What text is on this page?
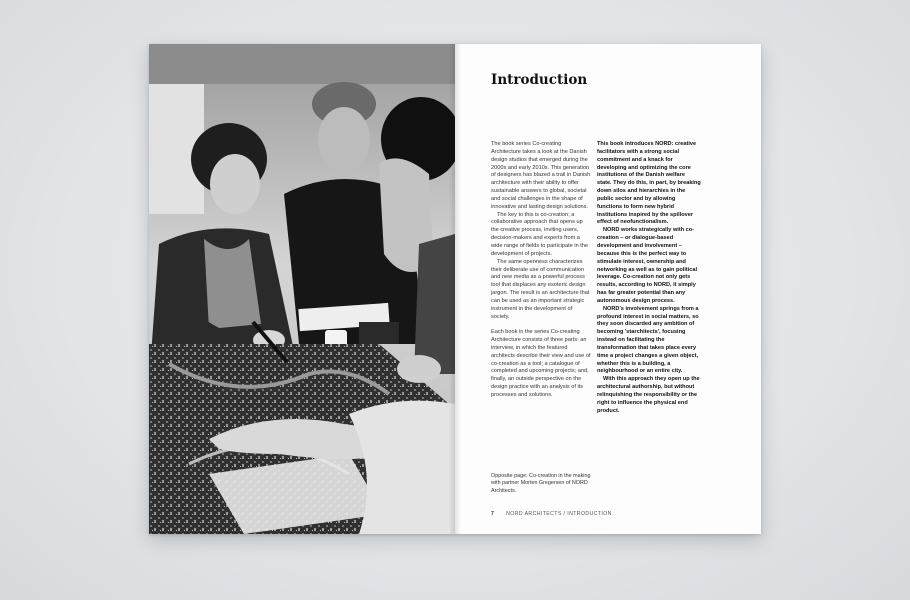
Introduction

The book series Co-creating Architecture takes a look at the Danish design studios that emerged during the 2000s and early 2010s. This generation of designers has blazed a trail in Danish architecture with their ability to offer sustainable answers to global, societal and social challenges in the shape of innovative and lasting design solutions.

The key to this is co-creation; a collaborative approach that opens up the creative process, inviting users, decision-makers and experts from a wide range of fields to participate in the development of projects.

The same openness characterizes their deliberate use of communication and new media as a powerful process tool that displaces any esoteric design jargon. The result is an architecture that can be used as an important strategic instrument in the development of society.

Each book in the series Co-creating Architecture consists of three parts: an interview, in which the featured architects describe their view and use of co-creation as a tool; a catalogue of completed and upcoming projects; and, finally, an outside perspective on the design practice with an analysis of its processes and solutions.

This book introduces NORD: creative facilitators with a strong social commitment and a knack for developing and optimizing the core institutions of the Danish welfare state. They do this, in part, by breaking down silos and hierarchies in the public sector and by allowing functions to form new hybrid institutions inspired by the spillover effect of neofunctionalism.

NORD works strategically with co-creation – or dialogue-based development and involvement – because this is the perfect way to stimulate interest, ownership and networking as well as to gain political leverage. Co-creation not only gets results, according to NORD, it simply has far greater potential than any autonomous design process.

NORD's involvement springs from a profound interest in social matters, so they soon discarded any ambition of becoming 'starchitects', focusing instead on facilitating the transformation that takes place every time a project changes a given object, whether this is a building, a neighbourhood or an entire city.

With this approach they open up the architectural authorship, but without relinquishing the responsibility or the right to influence the physical end product.

Opposite page: Co-creation in the making with partner Morten Gregersen of NORD Architects.
7 NORD ARCHITECTS / INTRODUCTION
